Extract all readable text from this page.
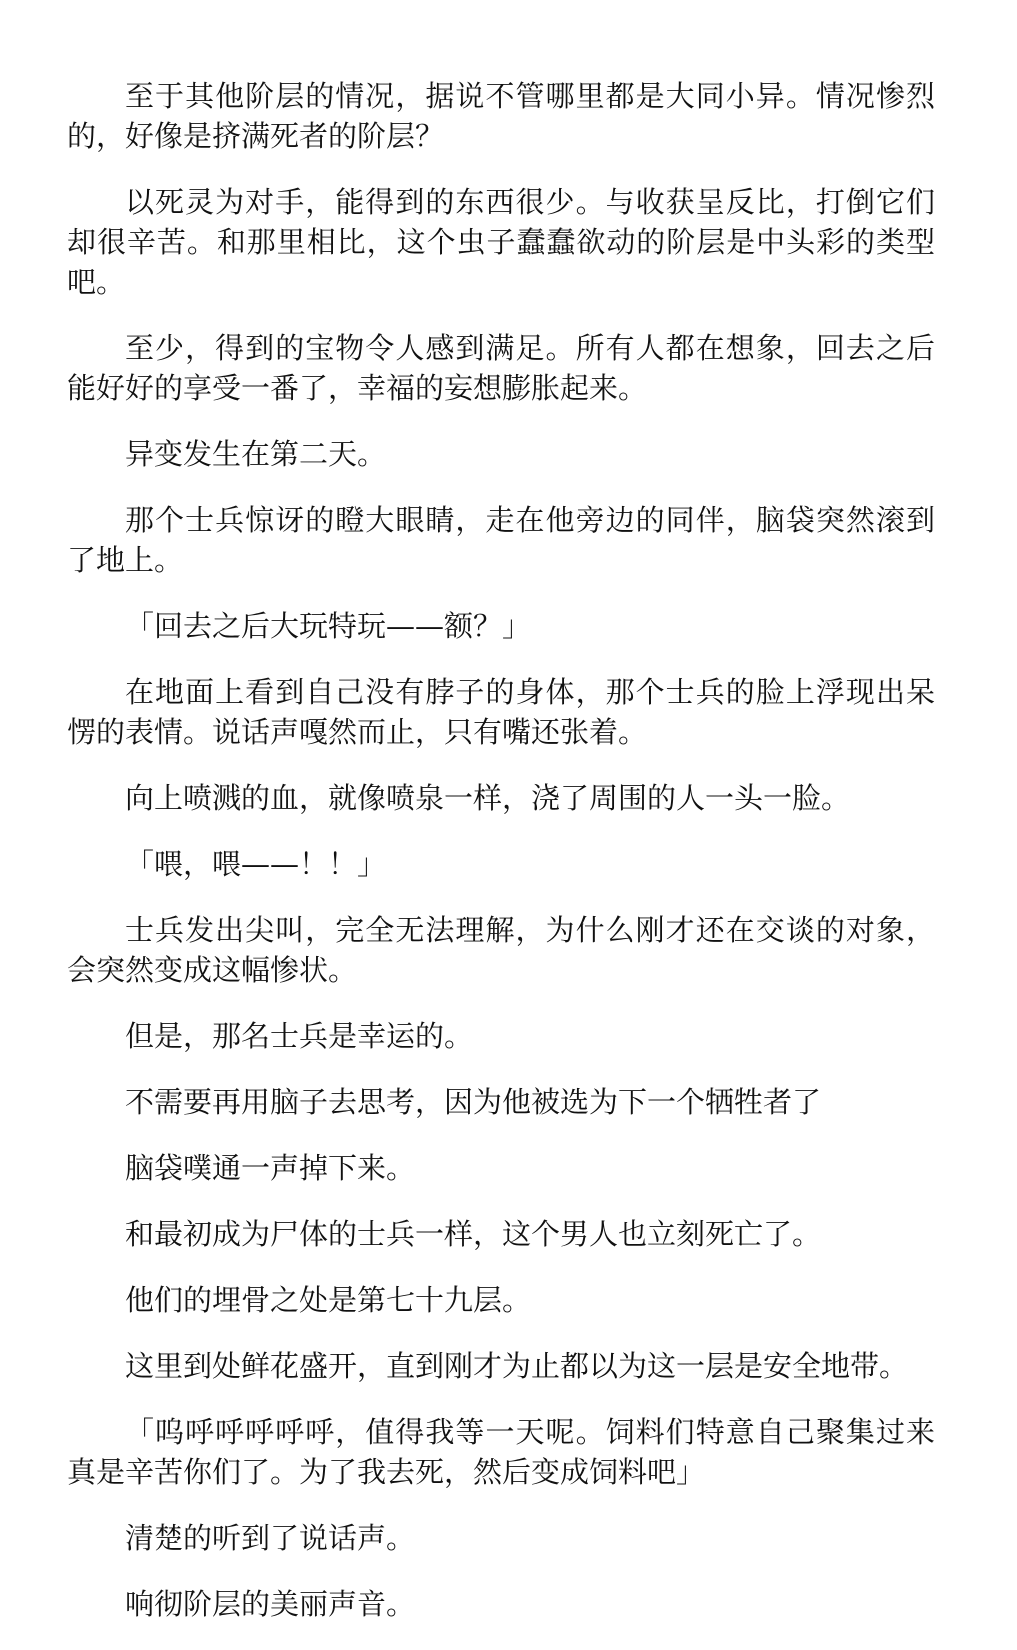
至于其他阶层的情况，据说不管哪里都是大同小异。情况惨烈的，好像是挤满死者的阶层？

以死灵为对手，能得到的东西很少。与收获呈反比，打倒它们却很辛苦。和那里相比，这个虫子蠢蠢欲动的阶层是中头彩的类型吧。

至少，得到的宝物令人感到满足。所有人都在想象，回去之后能好好的享受一番了，幸福的妄想膨胀起来。

异变发生在第二天。

那个士兵惊讶的瞪大眼睛，走在他旁边的同伴，脑袋突然滚到了地上。

「回去之后大玩特玩——额？」

在地面上看到自己没有脖子的身体，那个士兵的脸上浮现出呆愣的表情。说话声嘎然而止，只有嘴还张着。

向上喷溅的血，就像喷泉一样，浇了周围的人一头一脸。

「喂，喂——！！」

士兵发出尖叫，完全无法理解，为什么刚才还在交谈的对象，会突然变成这幅惨状。

但是，那名士兵是幸运的。

不需要再用脑子去思考，因为他被选为下一个牺牲者了

脑袋噗通一声掉下来。

和最初成为尸体的士兵一样，这个男人也立刻死亡了。

他们的埋骨之处是第七十九层。

这里到处鲜花盛开，直到刚才为止都以为这一层是安全地带。

「呜呼呼呼呼呼，值得我等一天呢。饲料们特意自己聚集过来真是辛苦你们了。为了我去死，然后变成饲料吧」

清楚的听到了说话声。

响彻阶层的美丽声音。
